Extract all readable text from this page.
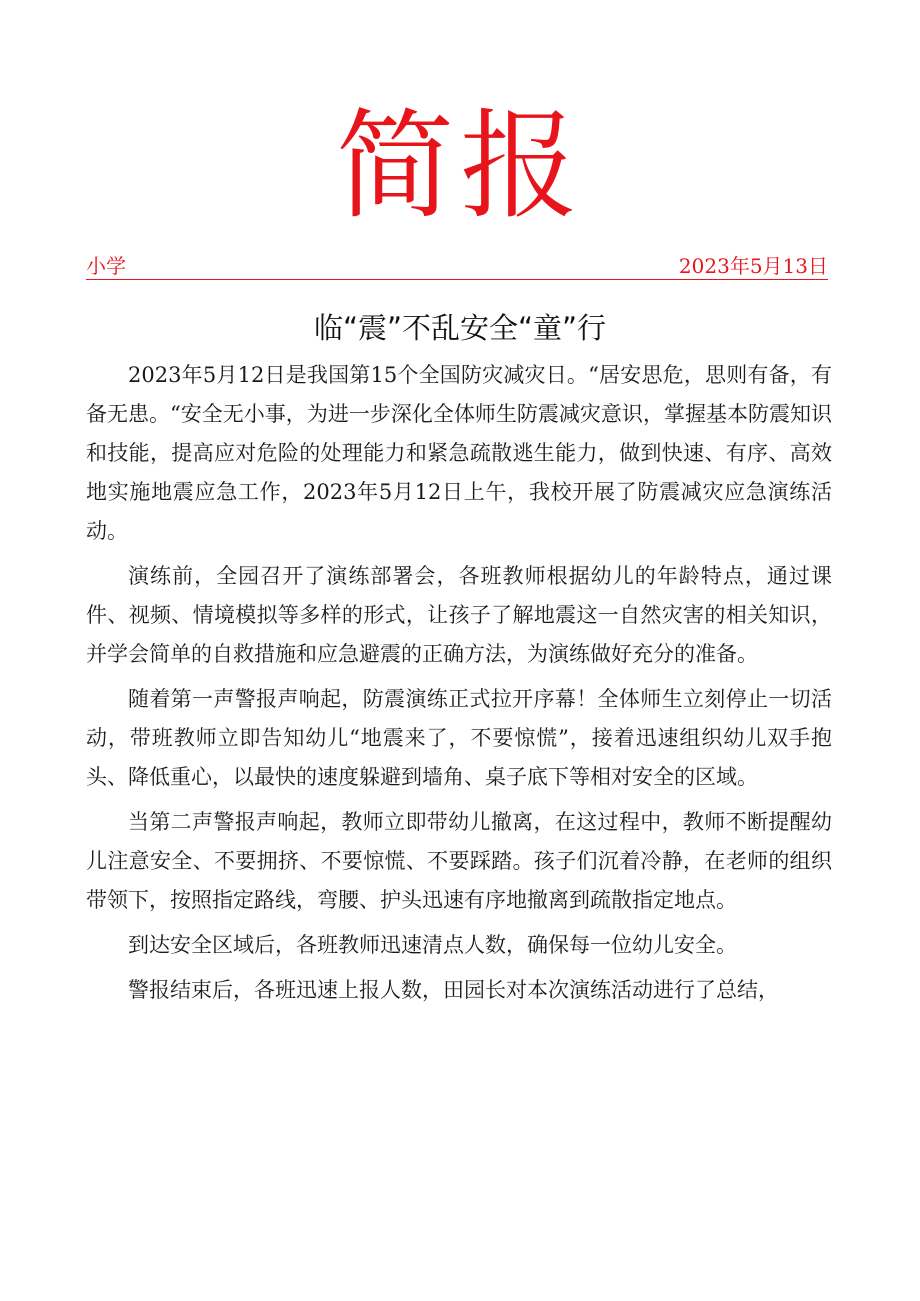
简报
小学	2023年5月13日
临“震”不乱安全“童”行

2023年5月12日是我国第15个全国防灾减灾日。“居安思危，思则有备，有备无患。“安全无小事，为进一步深化全体师生防震减灾意识，掌握基本防震知识和技能，提高应对危险的处理能力和紧急疏散逃生能力，做到快速、有序、高效地实施地震应急工作，2023年5月12日上午，我校开展了防震减灾应急演练活动。

演练前，全园召开了演练部署会，各班教师根据幼儿的年龄特点，通过课件、视频、情境模拟等多样的形式，让孩子了解地震这一自然灾害的相关知识，并学会简单的自救措施和应急避震的正确方法，为演练做好充分的准备。

随着第一声警报声响起，防震演练正式拉开序幕！全体师生立刻停止一切活动，带班教师立即告知幼儿“地震来了，不要惊慌”，接着迅速组织幼儿双手抱头、降低重心，以最快的速度躲避到墙角、桌子底下等相对安全的区域。

当第二声警报声响起，教师立即带幼儿撤离，在这过程中，教师不断提醒幼儿注意安全、不要拥挤、不要惊慌、不要踩踏。孩子们沉着冷静，在老师的组织带领下，按照指定路线，弯腰、护头迅速有序地撤离到疏散指定地点。

到达安全区域后，各班教师迅速清点人数，确保每一位幼儿安全。

警报结束后，各班迅速上报人数，田园长对本次演练活动进行了总结，
